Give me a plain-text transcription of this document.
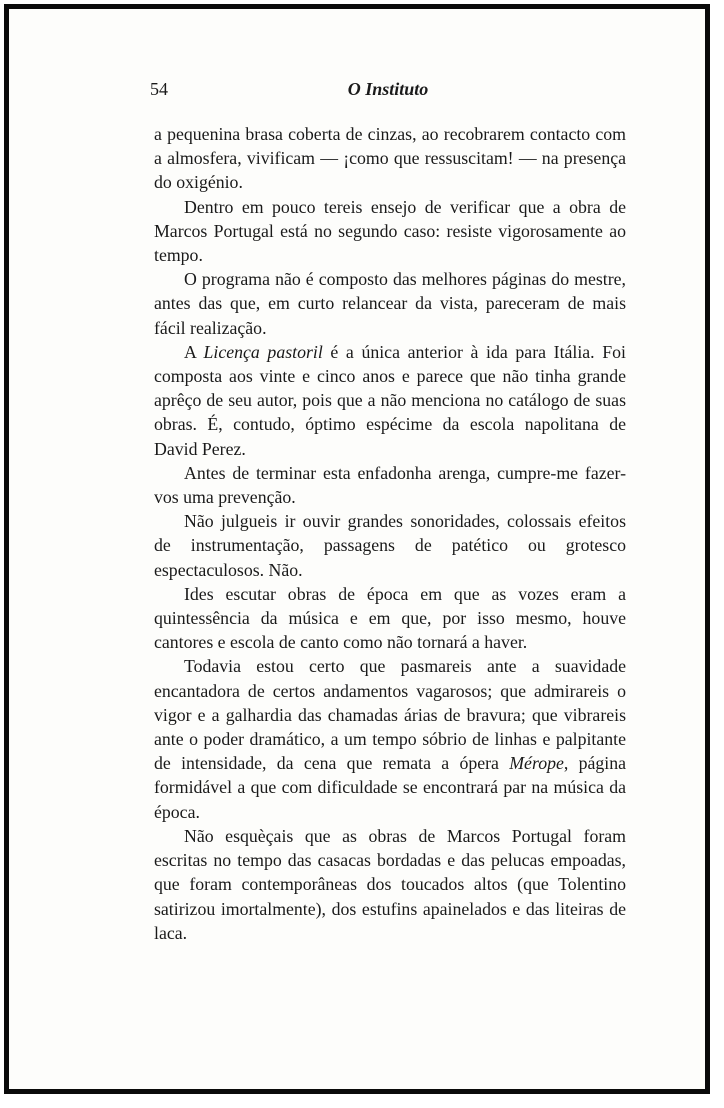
54	O Instituto

a pequenina brasa coberta de cinzas, ao recobrarem contacto com a almosfera, vivificam — ¡como que ressuscitam! — na presença do oxigénio.

Dentro em pouco tereis ensejo de verificar que a obra de Marcos Portugal está no segundo caso: resiste vigorosamente ao tempo.

O programa não é composto das melhores páginas do mestre, antes das que, em curto relancear da vista, pareceram de mais fácil realização.

A Licença pastoril é a única anterior à ida para Itália. Foi composta aos vinte e cinco anos e parece que não tinha grande aprêço de seu autor, pois que a não menciona no catálogo de suas obras. É, contudo, óptimo espécime da escola napolitana de David Perez.

Antes de terminar esta enfadonha arenga, cumpre-me fazer-vos uma prevenção.

Não julgueis ir ouvir grandes sonoridades, colossais efeitos de instrumentação, passagens de patético ou grotesco espectaculosos. Não.

Ides escutar obras de época em que as vozes eram a quintessência da música e em que, por isso mesmo, houve cantores e escola de canto como não tornará a haver.

Todavia estou certo que pasmareis ante a suavidade encantadora de certos andamentos vagarosos; que admirareis o vigor e a galhardia das chamadas árias de bravura; que vibrareis ante o poder dramático, a um tempo sóbrio de linhas e palpitante de intensidade, da cena que remata a ópera Mérope, página formidável a que com dificuldade se encontrará par na música da época.

Não esquèçais que as obras de Marcos Portugal foram escritas no tempo das casacas bordadas e das pelucas empoadas, que foram contemporâneas dos toucados altos (que Tolentino satirizou imortalmente), dos estufins apainelados e das liteiras de laca.
